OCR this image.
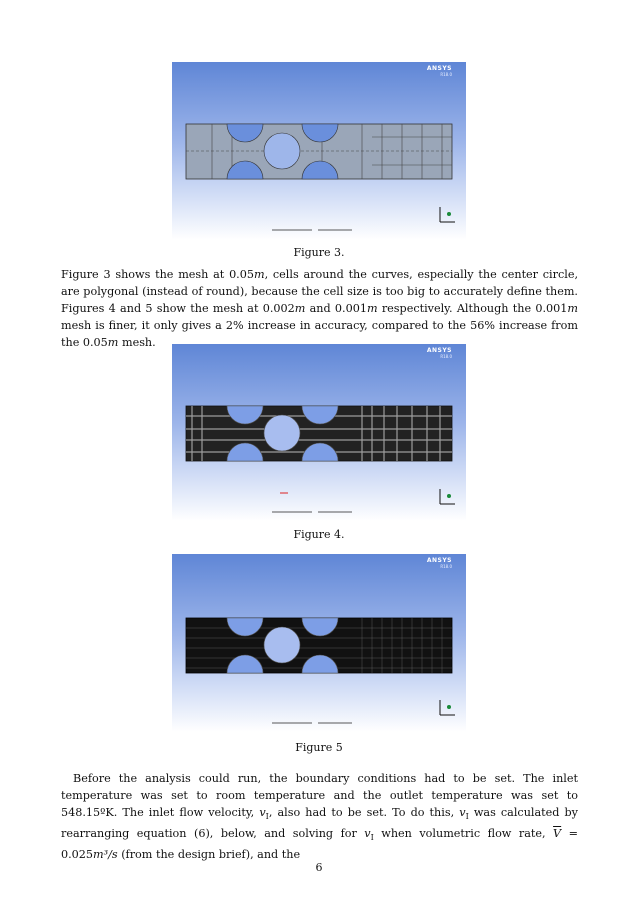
ANSYS
R18.0
Figure 3.
Figure 3 shows the mesh at 0.05m, cells around the curves, especially the center circle, are polygonal (instead of round), because the cell size is too big to accurately define them. Figures 4 and 5 show the mesh at 0.002m and 0.001m respectively. Although the 0.001m mesh is finer, it only gives a 2% increase in accuracy, compared to the 56% increase from the 0.05m mesh.
ANSYS
R18.0
Figure 4.
ANSYS
R18.0
Figure 5
Before the analysis could run, the boundary conditions had to be set. The inlet temperature was set to room temperature and the outlet temperature was set to 548.15ºK. The inlet flow velocity, $v_I$, also had to be set. To do this, $v_I$ was calculated by rearranging equation (6), below, and solving for $v_I$ when volumetric flow rate, $\overline{V} = 0.025m^3/s$ (from the design brief), and the
6
